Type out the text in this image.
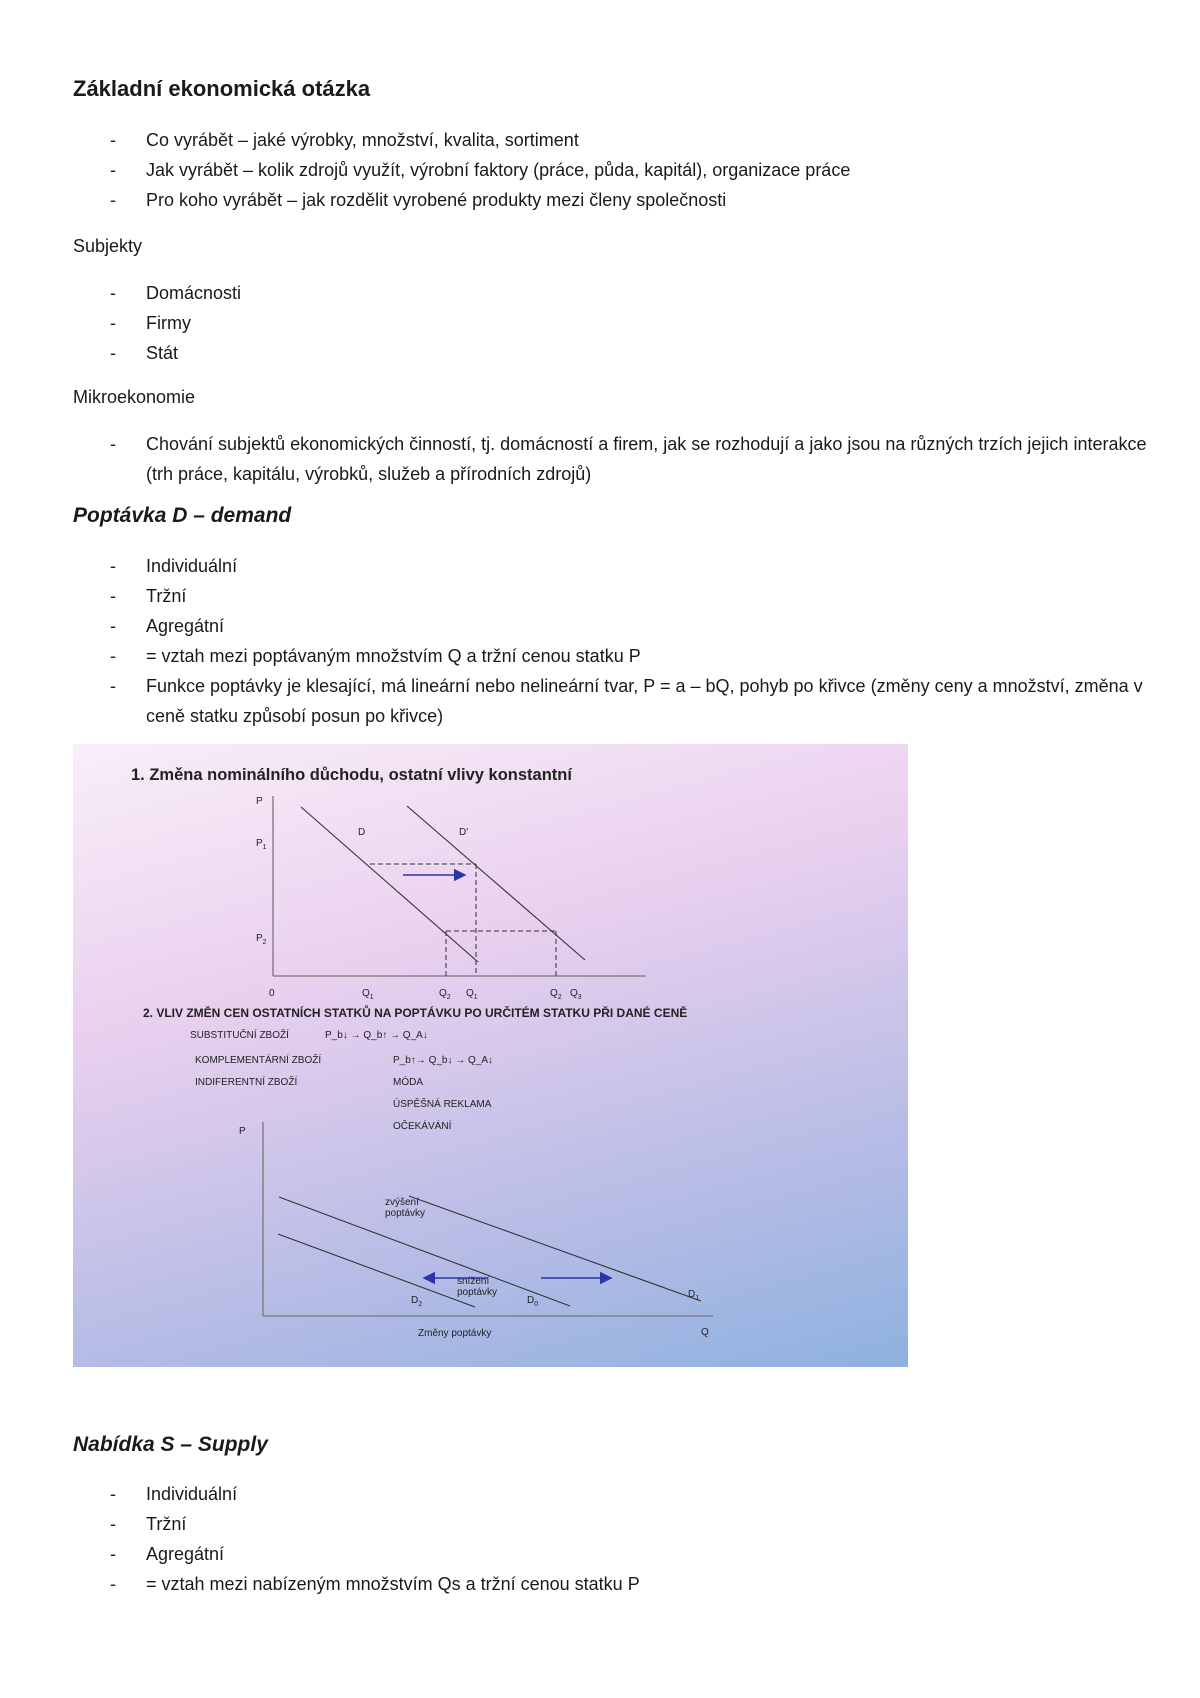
Základní ekonomická otázka
- Co vyrábět – jaké výrobky, množství, kvalita, sortiment
- Jak vyrábět – kolik zdrojů využít, výrobní faktory (práce, půda, kapitál), organizace práce
- Pro koho vyrábět – jak rozdělit vyrobené produkty mezi členy společnosti

Subjekty

- Domácnosti
- Firmy
- Stát

Mikroekonomie

- Chování subjektů ekonomických činností, tj. domácností a firem, jak se rozhodují a jako jsou na různých trzích jejich interakce (trh práce, kapitálu, výrobků, služeb a přírodních zdrojů)
Poptávka D – demand
- Individuální
- Tržní
- Agregátní
- = vztah mezi poptávaným množstvím Q a tržní cenou statku P
- Funkce poptávky je klesající, má lineární nebo nelineární tvar, P = a – bQ, pohyb po křivce (změny ceny a množství, změna v ceně statku způsobí posun po křivce)
1. Změna nominálního důchodu, ostatní vlivy konstantní
P
$P_1$
$P_2$
D	D'
0	$Q_1$	$Q_2$ $Q_1$	$Q_2$ $Q_3$
2. VLIV ZMĚN CEN OSTATNÍCH STATKŮ NA POPTÁVKU PO URČITÉM STATKU PŘI DANÉ CENĚ
SUBSTITUČNÍ ZBOŽÍ	P_b↓ → Q_b↑ → Q_A↓
KOMPLEMENTÁRNÍ ZBOŽÍ	P_b↑→ Q_b↓ → Q_A↓
INDIFERENTNÍ ZBOŽÍ	MÓDA
ÚSPĚŠNÁ REKLAMA
OČEKÁVÁNÍ
P
Q
zvýšení
poptávky
snížení
poptávky
$D_2$	$D_0$
$D_1$
Změny poptávky
Nabídka S – Supply
- Individuální
- Tržní
- Agregátní
- = vztah mezi nabízeným množstvím Qs a tržní cenou statku P
